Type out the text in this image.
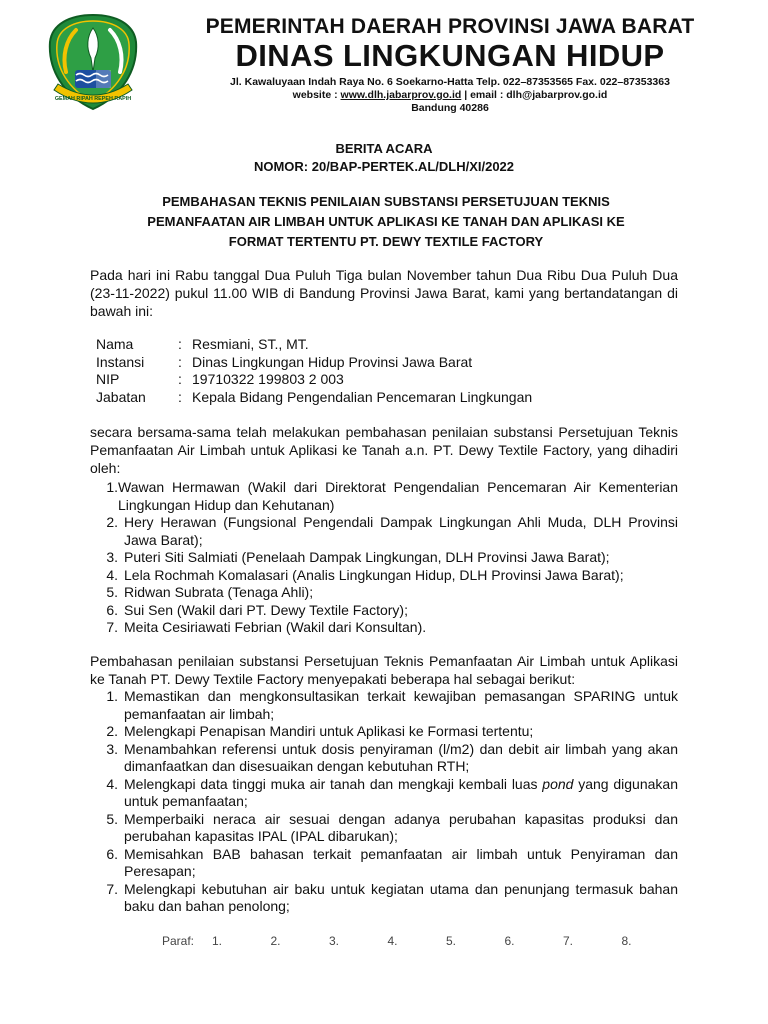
GEMAH RIPAH REPEH RAPIH
PEMERINTAH DAERAH PROVINSI JAWA BARAT
DINAS LINGKUNGAN HIDUP
Jl. Kawaluyaan Indah Raya No. 6 Soekarno-Hatta Telp. 022–87353565 Fax. 022–87353363
website : www.dlh.jabarprov.go.id | email : dlh@jabarprov.go.id
Bandung 40286
BERITA ACARA
NOMOR: 20/BAP-PERTEK.AL/DLH/XI/2022
PEMBAHASAN TEKNIS PENILAIAN SUBSTANSI PERSETUJUAN TEKNIS
PEMANFAATAN AIR LIMBAH UNTUK APLIKASI KE TANAH DAN APLIKASI KE
FORMAT TERTENTU PT. DEWY TEXTILE FACTORY
Pada hari ini Rabu tanggal Dua Puluh Tiga bulan November tahun Dua Ribu Dua Puluh Dua (23-11-2022) pukul 11.00 WIB di Bandung Provinsi Jawa Barat, kami yang bertandatangan di bawah ini:
Nama	:	Resmiani, ST., MT.
Instansi	:	Dinas Lingkungan Hidup Provinsi Jawa Barat
NIP	:	19710322 199803 2 003
Jabatan	:	Kepala Bidang Pengendalian Pencemaran Lingkungan
secara bersama-sama telah melakukan pembahasan penilaian substansi Persetujuan Teknis Pemanfaatan Air Limbah untuk Aplikasi ke Tanah a.n. PT. Dewy Textile Factory, yang dihadiri oleh:
1. Wawan Hermawan (Wakil dari Direktorat Pengendalian Pencemaran Air Kementerian Lingkungan Hidup dan Kehutanan)
2. Hery Herawan (Fungsional Pengendali Dampak Lingkungan Ahli Muda, DLH Provinsi Jawa Barat);
3. Puteri Siti Salmiati (Penelaah Dampak Lingkungan, DLH Provinsi Jawa Barat);
4. Lela Rochmah Komalasari (Analis Lingkungan Hidup, DLH Provinsi Jawa Barat);
5. Ridwan Subrata (Tenaga Ahli);
6. Sui Sen (Wakil dari PT. Dewy Textile Factory);
7. Meita Cesiriawati Febrian (Wakil dari Konsultan).
Pembahasan penilaian substansi Persetujuan Teknis Pemanfaatan Air Limbah untuk Aplikasi ke Tanah PT. Dewy Textile Factory menyepakati beberapa hal sebagai berikut:
1. Memastikan dan mengkonsultasikan terkait kewajiban pemasangan SPARING untuk pemanfaatan air limbah;
2. Melengkapi Penapisan Mandiri untuk Aplikasi ke Formasi tertentu;
3. Menambahkan referensi untuk dosis penyiraman (l/m2) dan debit air limbah yang akan dimanfaatkan dan disesuaikan dengan kebutuhan RTH;
4. Melengkapi data tinggi muka air tanah dan mengkaji kembali luas pond yang digunakan untuk pemanfaatan;
5. Memperbaiki neraca air sesuai dengan adanya perubahan kapasitas produksi dan perubahan kapasitas IPAL (IPAL dibarukan);
6. Memisahkan BAB bahasan terkait pemanfaatan air limbah untuk Penyiraman dan Peresapan;
7. Melengkapi kebutuhan air baku untuk kegiatan utama dan penunjang termasuk bahan baku dan bahan penolong;
Paraf:	1.	2.	3.	4.	5.	6.	7.	8.
